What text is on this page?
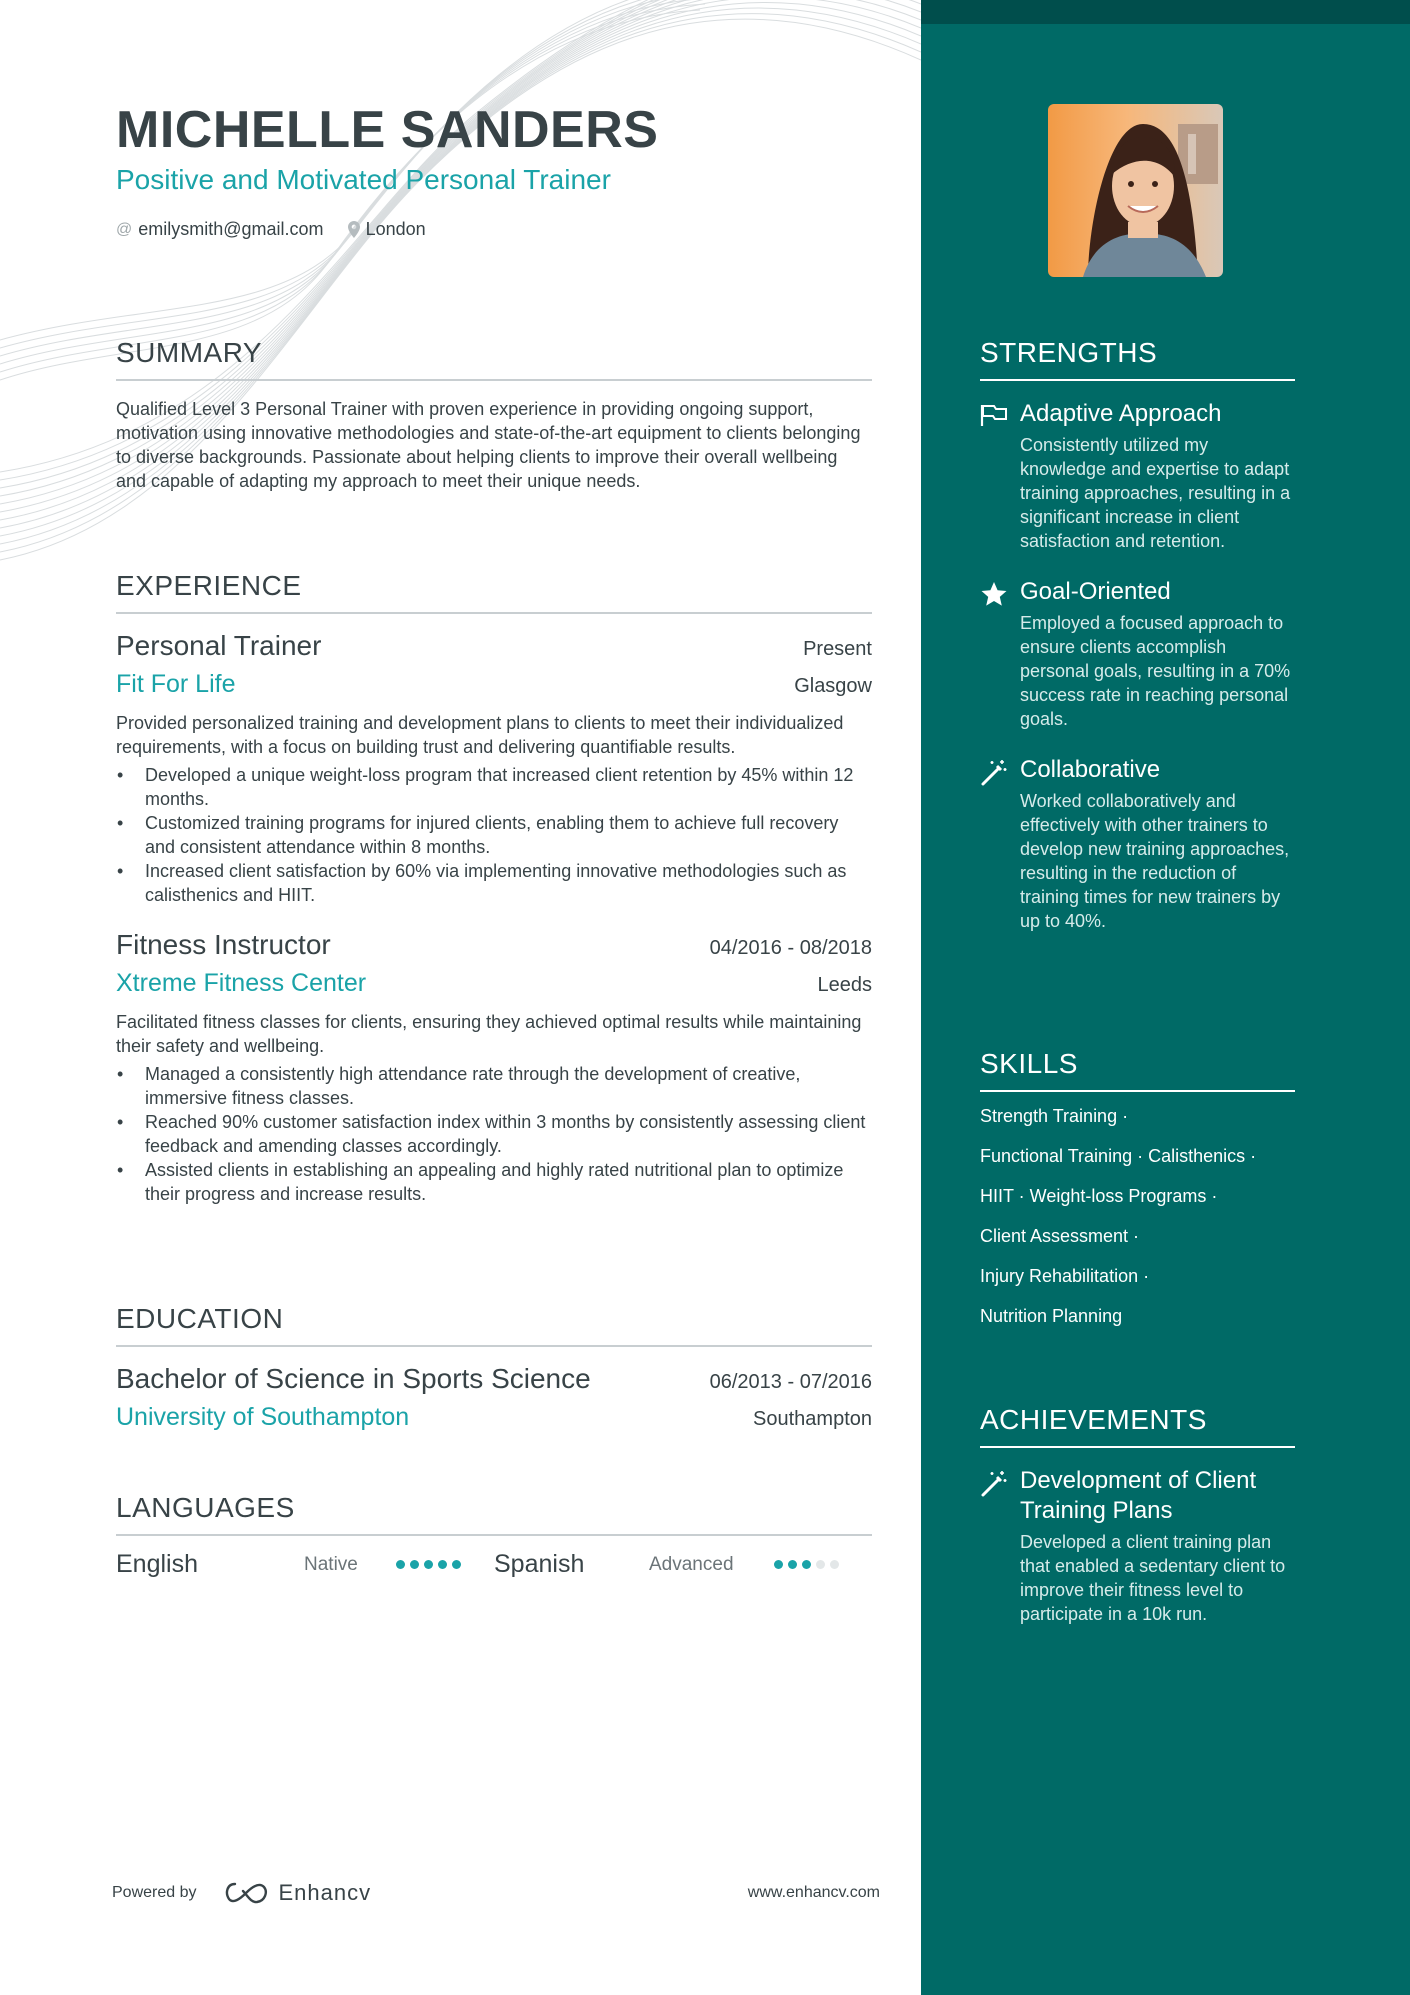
MICHELLE SANDERS
Positive and Motivated Personal Trainer
@ emilysmith@gmail.com London
SUMMARY

Qualified Level 3 Personal Trainer with proven experience in providing ongoing support, motivation using innovative methodologies and state-of-the-art equipment to clients belonging to diverse backgrounds. Passionate about helping clients to improve their overall wellbeing and capable of adapting my approach to meet their unique needs.

EXPERIENCE
Personal Trainer	Present
Fit For Life	Glasgow
Provided personalized training and development plans to clients to meet their individualized requirements, with a focus on building trust and delivering quantifiable results.
• Developed a unique weight-loss program that increased client retention by 45% within 12 months.
• Customized training programs for injured clients, enabling them to achieve full recovery and consistent attendance within 8 months.
• Increased client satisfaction by 60% via implementing innovative methodologies such as calisthenics and HIIT.
Fitness Instructor	04/2016 - 08/2018
Xtreme Fitness Center	Leeds
Facilitated fitness classes for clients, ensuring they achieved optimal results while maintaining their safety and wellbeing.
• Managed a consistently high attendance rate through the development of creative, immersive fitness classes.
• Reached 90% customer satisfaction index within 3 months by consistently assessing client feedback and amending classes accordingly.
• Assisted clients in establishing an appealing and highly rated nutritional plan to optimize their progress and increase results.
EDUCATION
Bachelor of Science in Sports Science	06/2013 - 07/2016
University of Southampton	Southampton
LANGUAGES
English	Native	Spanish	Advanced
Powered by	Enhancv	www.enhancv.com
STRENGTHS
Adaptive Approach
Consistently utilized my knowledge and expertise to adapt training approaches, resulting in a significant increase in client satisfaction and retention.
Goal-Oriented
Employed a focused approach to ensure clients accomplish personal goals, resulting in a 70% success rate in reaching personal goals.
Collaborative
Worked collaboratively and effectively with other trainers to develop new training approaches, resulting in the reduction of training times for new trainers by up to 40%.
SKILLS
Strength Training ·
Functional Training · Calisthenics ·
HIIT · Weight-loss Programs ·
Client Assessment ·
Injury Rehabilitation ·
Nutrition Planning
ACHIEVEMENTS
Development of Client Training Plans
Developed a client training plan that enabled a sedentary client to improve their fitness level to participate in a 10k run.
